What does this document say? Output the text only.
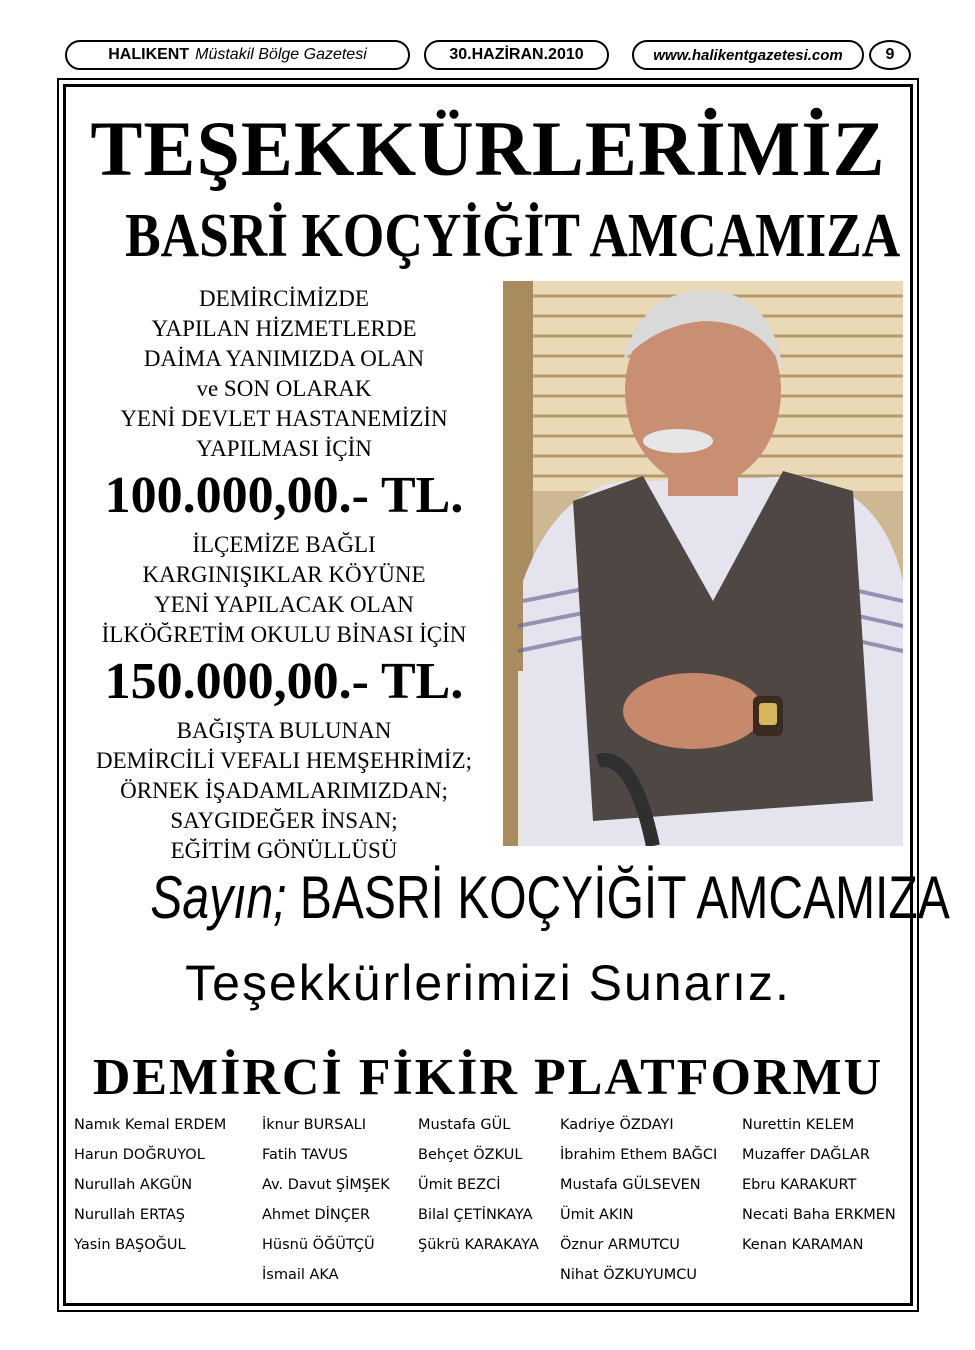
HALIKENT Müstakil Bölge Gazetesi	30.HAZİRAN.2010	www.halikentgazetesi.com	9
TEŞEKKÜRLERİMİZ
BASRİ KOÇYİĞİT AMCAMIZA
DEMİRCİMİZDE
YAPILAN HİZMETLERDE
DAİMA YANIMIZDA OLAN
ve SON OLARAK
YENİ DEVLET HASTANEMİZİN
YAPILMASI İÇİN
100.000,00.- TL.
İLÇEMİZE BAĞLI
KARGINIŞIKLAR KÖYÜNE
YENİ YAPILACAK OLAN
İLKÖĞRETİM OKULU BİNASI İÇİN
150.000,00.- TL.
BAĞIŞTA BULUNAN
DEMİRCİLİ VEFALI HEMŞEHRİMİZ;
ÖRNEK İŞADAMLARIMIZDAN;
SAYGIDEĞER İNSAN;
EĞİTİM GÖNÜLLÜSÜ
Sayın; BASRİ KOÇYİĞİT AMCAMIZA
Teşekkürlerimizi Sunarız.
DEMİRCİ FİKİR PLATFORMU
Namık Kemal ERDEM
Harun DOĞRUYOL
Nurullah AKGÜN
Nurullah ERTAŞ
Yasin BAŞOĞUL
İknur BURSALI
Fatih TAVUS
Av. Davut ŞİMŞEK
Ahmet DİNÇER
Hüsnü ÖĞÜTÇÜ
İsmail AKA
Mustafa GÜL
Behçet ÖZKUL
Ümit BEZCİ
Bilal ÇETİNKAYA
Şükrü KARAKAYA
Kadriye ÖZDAYI
İbrahim Ethem BAĞCI
Mustafa GÜLSEVEN
Ümit AKIN
Öznur ARMUTCU
Nihat ÖZKUYUMCU
Nurettin KELEM
Muzaffer DAĞLAR
Ebru KARAKURT
Necati Baha ERKMEN
Kenan KARAMAN
